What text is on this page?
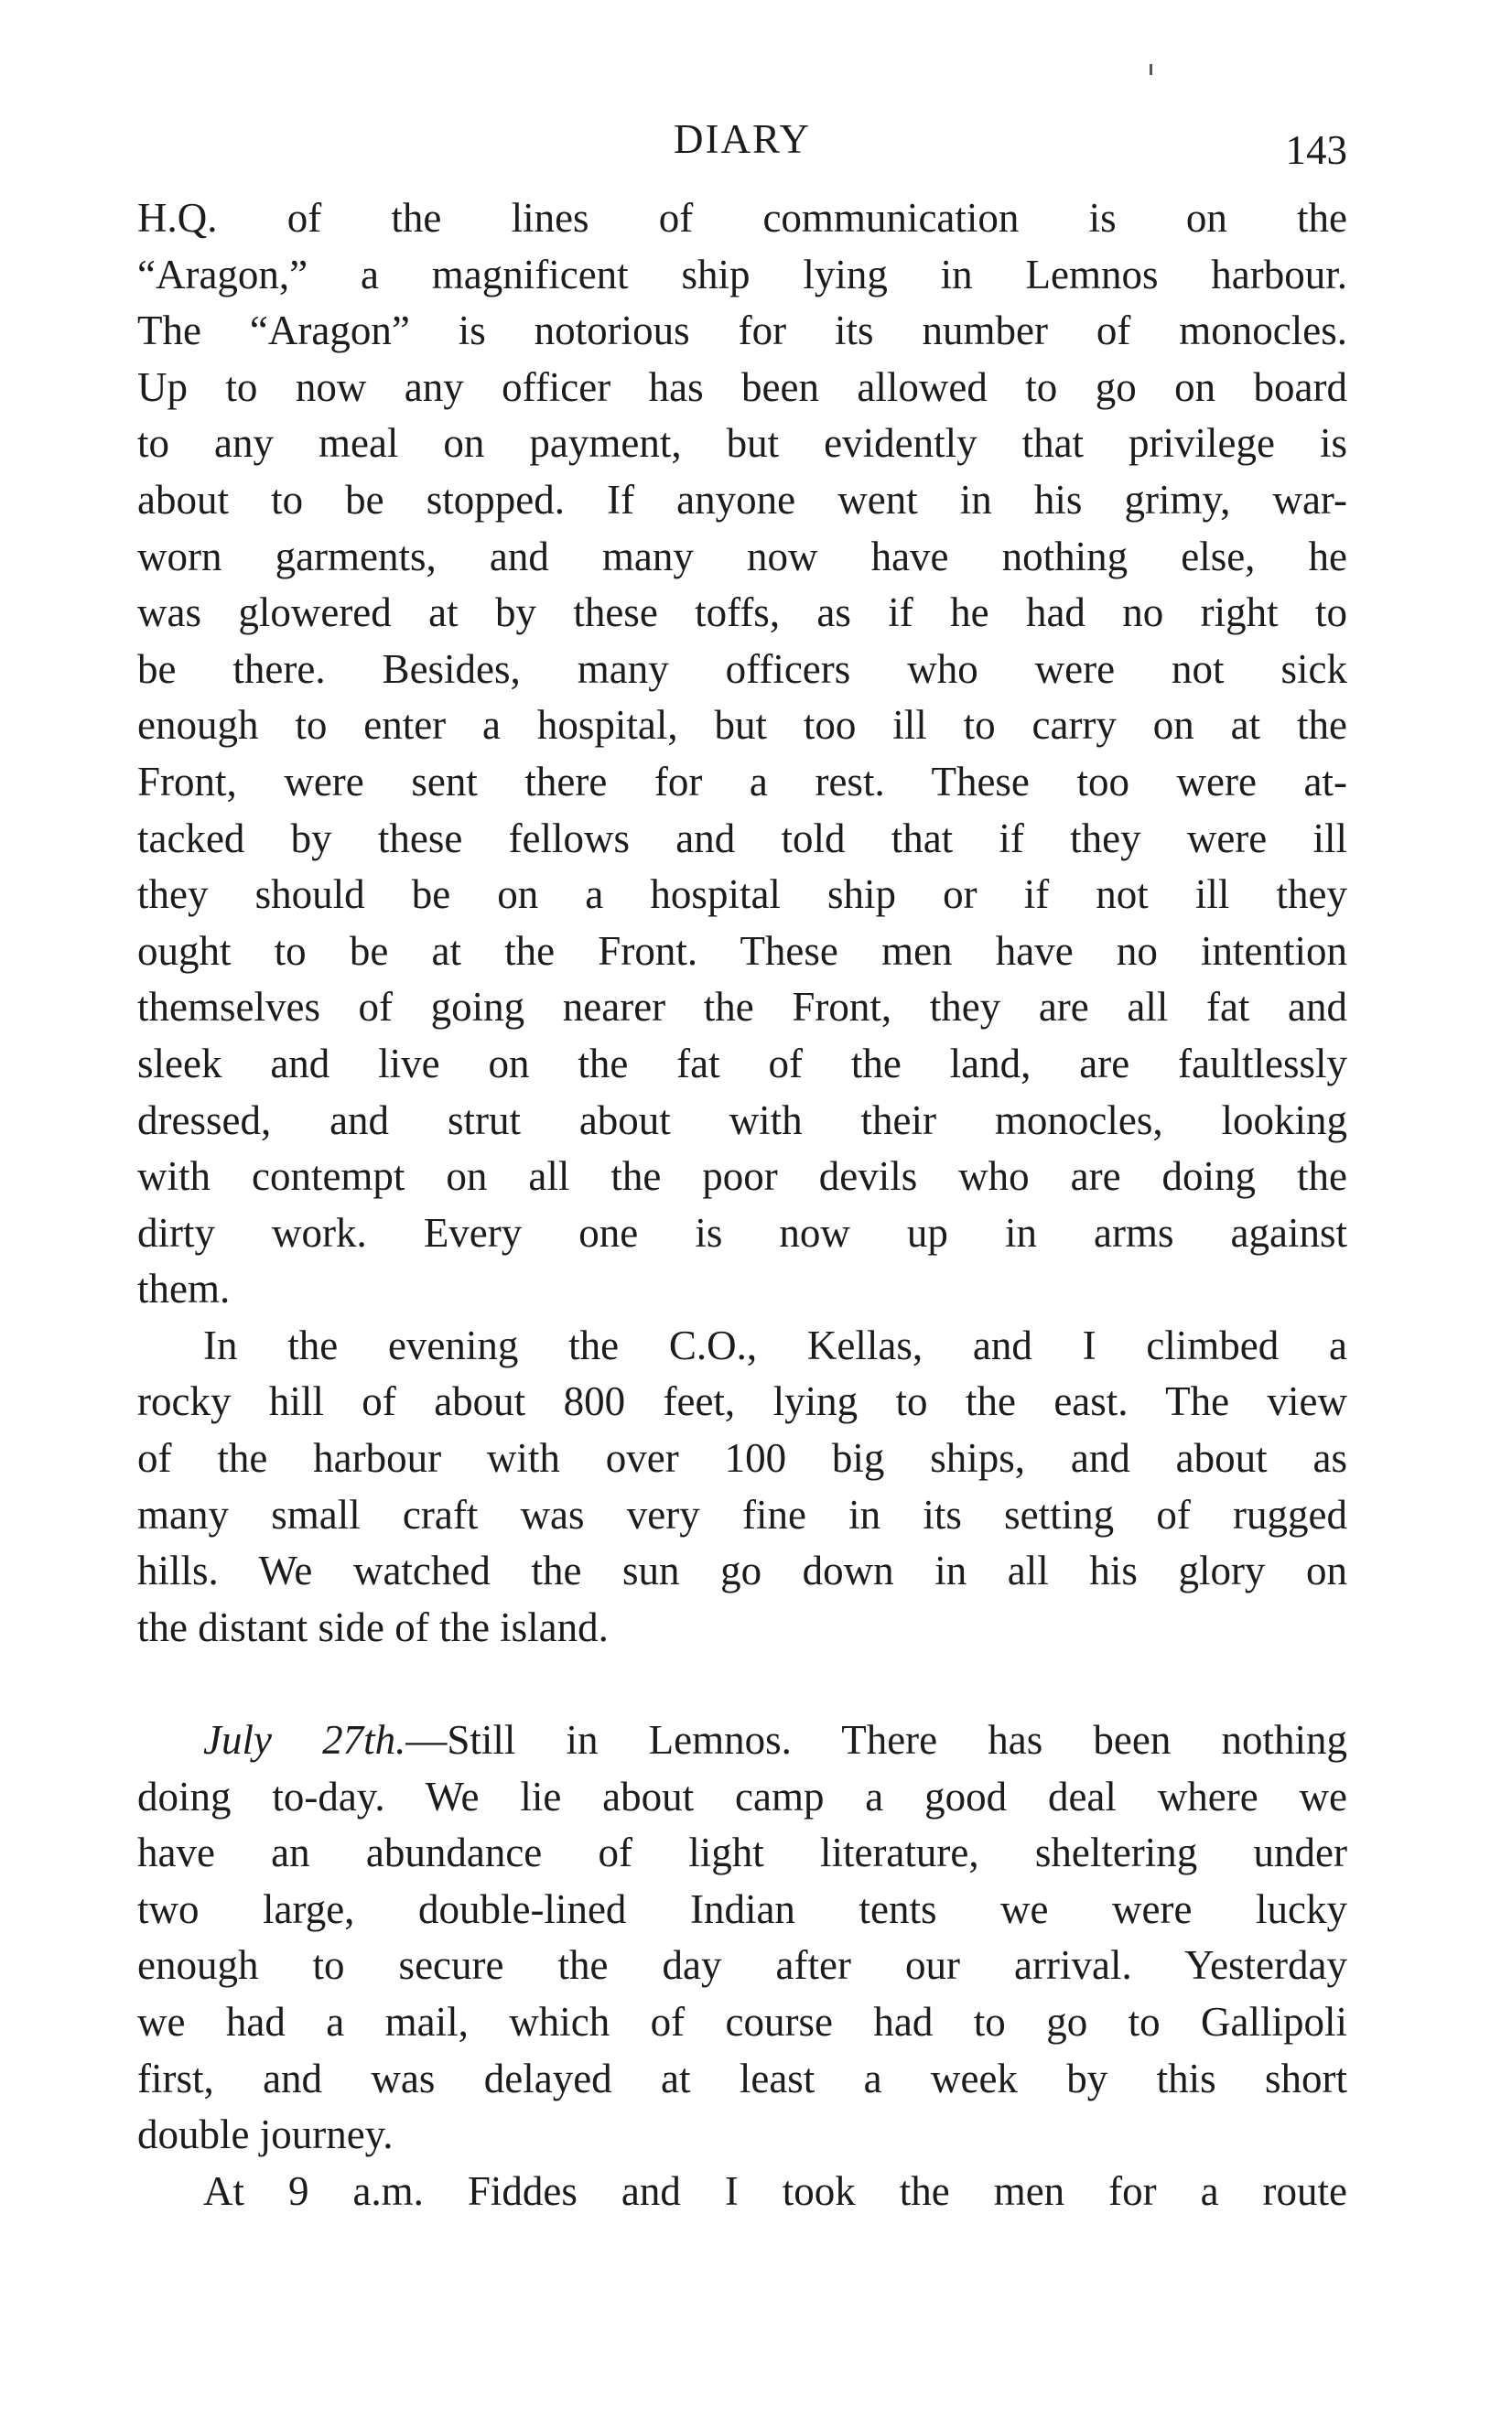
DIARY	143
H.Q. of the lines of communication is on the
“Aragon,” a magnificent ship lying in Lemnos harbour.
The “Aragon” is notorious for its number of monocles.
Up to now any officer has been allowed to go on board
to any meal on payment, but evidently that privilege is
about to be stopped. If anyone went in his grimy, war-
worn garments, and many now have nothing else, he
was glowered at by these toffs, as if he had no right to
be there. Besides, many officers who were not sick
enough to enter a hospital, but too ill to carry on at the
Front, were sent there for a rest. These too were at-
tacked by these fellows and told that if they were ill
they should be on a hospital ship or if not ill they
ought to be at the Front. These men have no intention
themselves of going nearer the Front, they are all fat and
sleek and live on the fat of the land, are faultlessly
dressed, and strut about with their monocles, looking
with contempt on all the poor devils who are doing the
dirty work. Every one is now up in arms against
them.
In the evening the C.O., Kellas, and I climbed a
rocky hill of about 800 feet, lying to the east. The view
of the harbour with over 100 big ships, and about as
many small craft was very fine in its setting of rugged
hills. We watched the sun go down in all his glory on
the distant side of the island.
July 27th.—Still in Lemnos. There has been nothing
doing to-day. We lie about camp a good deal where we
have an abundance of light literature, sheltering under
two large, double-lined Indian tents we were lucky
enough to secure the day after our arrival. Yesterday
we had a mail, which of course had to go to Gallipoli
first, and was delayed at least a week by this short
double journey.
At 9 a.m. Fiddes and I took the men for a route
